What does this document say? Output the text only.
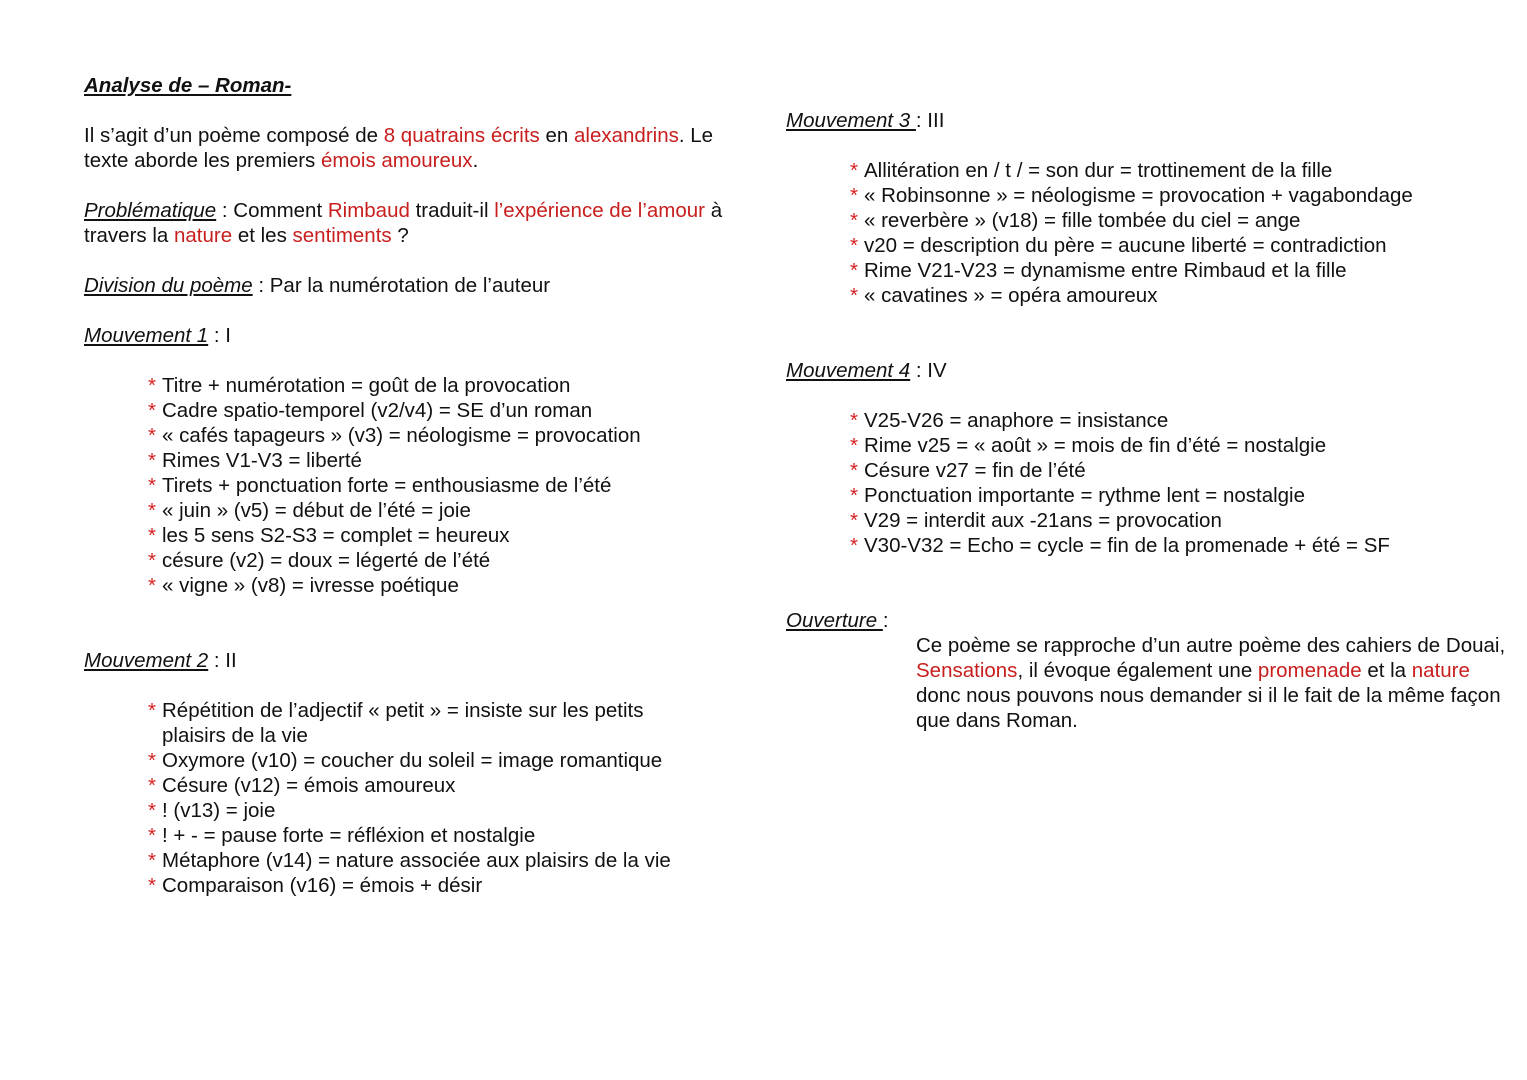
Analyse de – Roman-

Il s’agit d’un poème composé de 8 quatrains écrits en alexandrins. Le texte aborde les premiers émois amoureux.

Problématique : Comment Rimbaud traduit-il l’expérience de l’amour à travers la nature et les sentiments ?

Division du poème : Par la numérotation de l’auteur

Mouvement 1 : I

* Titre + numérotation = goût de la provocation
* Cadre spatio-temporel (v2/v4) = SE d’un roman
* « cafés tapageurs » (v3) = néologisme = provocation
* Rimes V1-V3 = liberté
* Tirets + ponctuation forte = enthousiasme de l’été
* « juin » (v5) = début de l’été = joie
* les 5 sens S2-S3 = complet = heureux
* césure (v2) = doux = légerté de l’été
* « vigne » (v8) = ivresse poétique

Mouvement 2 : II

* Répétition de l’adjectif « petit » = insiste sur les petits plaisirs de la vie
* Oxymore (v10) = coucher du soleil = image romantique
* Césure (v12) = émois amoureux
* ! (v13) = joie
* ! + - = pause forte = réfléxion et nostalgie
* Métaphore (v14) = nature associée aux plaisirs de la vie
* Comparaison (v16) = émois + désir

Mouvement 3 : III

* Allitération en / t / = son dur = trottinement de la fille
* « Robinsonne » = néologisme = provocation + vagabondage
* « reverbère » (v18) = fille tombée du ciel = ange
* v20 = description du père = aucune liberté = contradiction
* Rime V21-V23 = dynamisme entre Rimbaud et la fille
* « cavatines » = opéra amoureux

Mouvement 4 : IV

* V25-V26 = anaphore = insistance
* Rime v25 = « août » = mois de fin d’été = nostalgie
* Césure v27 = fin de l’été
* Ponctuation importante = rythme lent = nostalgie
* V29 = interdit aux -21ans = provocation
* V30-V32 = Echo = cycle = fin de la promenade + été = SF

Ouverture :

Ce poème se rapproche d’un autre poème des cahiers de Douai, Sensations, il évoque également une promenade et la nature donc nous pouvons nous demander si il le fait de la même façon que dans Roman.
